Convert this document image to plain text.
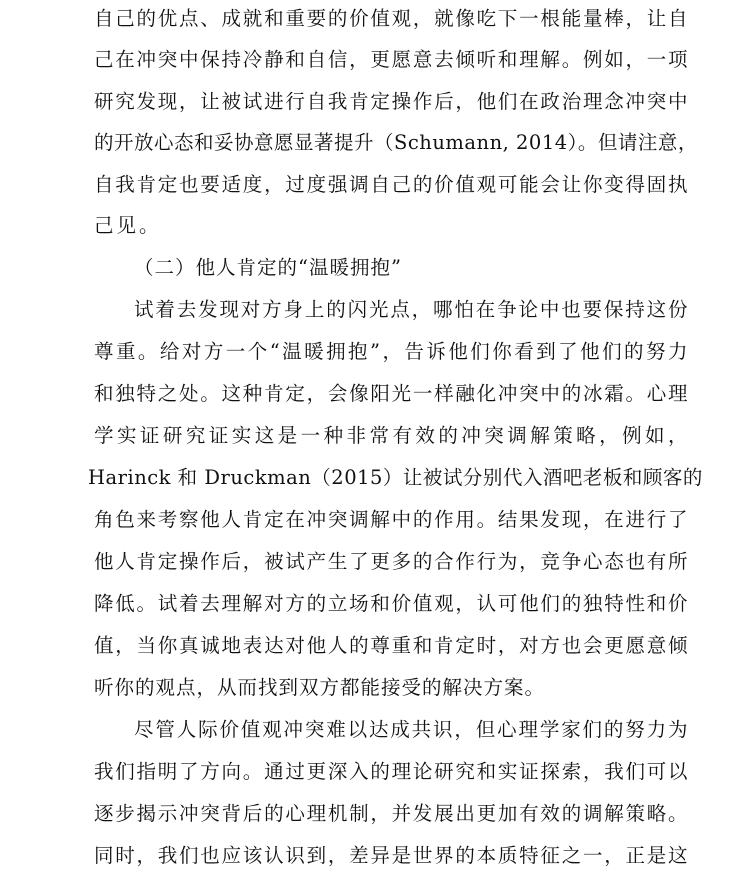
自己的优点、成就和重要的价值观，就像吃下一根能量棒，让自
己在冲突中保持冷静和自信，更愿意去倾听和理解。例如，一项
研究发现，让被试进行自我肯定操作后，他们在政治理念冲突中
的开放心态和妥协意愿显著提升（Schumann, 2014）。但请注意，
自我肯定也要适度，过度强调自己的价值观可能会让你变得固执
己见。
（二）他人肯定的“温暖拥抱”
试着去发现对方身上的闪光点，哪怕在争论中也要保持这份
尊重。给对方一个“温暖拥抱”，告诉他们你看到了他们的努力
和独特之处。这种肯定，会像阳光一样融化冲突中的冰霜。心理
学实证研究证实这是一种非常有效的冲突调解策略，例如，
Harinck 和 Druckman（2015）让被试分别代入酒吧老板和顾客的
角色来考察他人肯定在冲突调解中的作用。结果发现，在进行了
他人肯定操作后，被试产生了更多的合作行为，竞争心态也有所
降低。试着去理解对方的立场和价值观，认可他们的独特性和价
值，当你真诚地表达对他人的尊重和肯定时，对方也会更愿意倾
听你的观点，从而找到双方都能接受的解决方案。
尽管人际价值观冲突难以达成共识，但心理学家们的努力为
我们指明了方向。通过更深入的理论研究和实证探索，我们可以
逐步揭示冲突背后的心理机制，并发展出更加有效的调解策略。
同时，我们也应该认识到，差异是世界的本质特征之一，正是这
